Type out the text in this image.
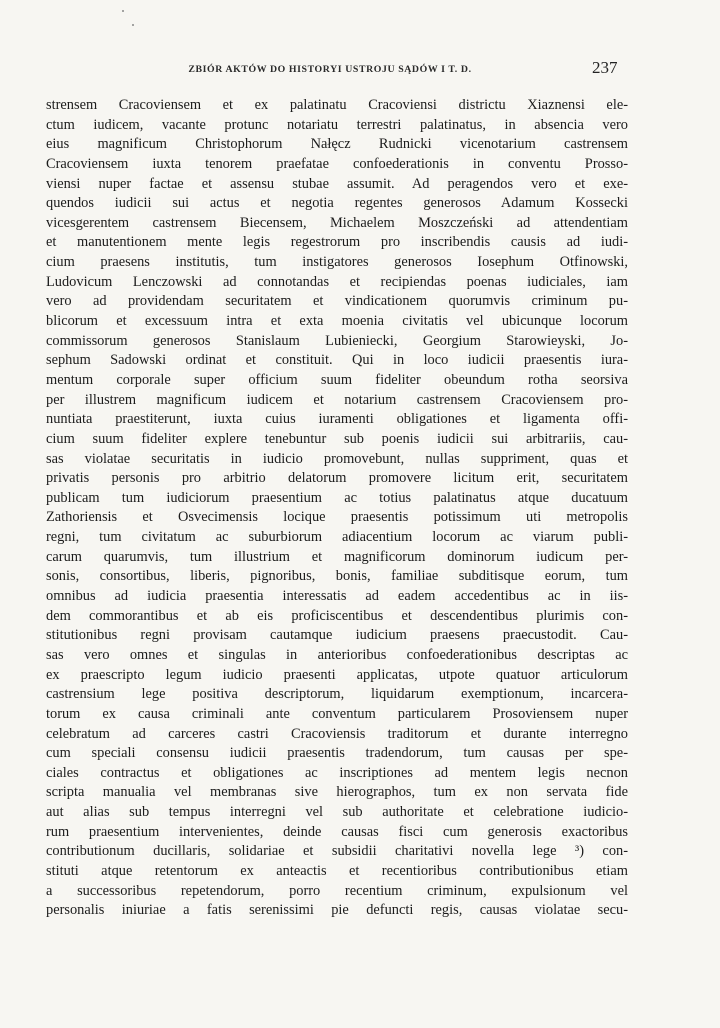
ZBIÓR AKTÓW DO HISTORYI USTROJU SĄDÓW I T. D.	237
strensem Cracoviensem et ex palatinatu Cracoviensi districtu Xiaznensi ele-
ctum iudicem, vacante protunc notariatu terrestri palatinatus, in absencia vero
eius magnificum Christophorum Nałęcz Rudnicki vicenotarium castrensem
Cracoviensem iuxta tenorem praefatae confoederationis in conventu Prosso-
viensi nuper factae et assensu stubae assumit. Ad peragendos vero et exe-
quendos iudicii sui actus et negotia regentes generosos Adamum Kossecki
vicesgerentem castrensem Biecensem, Michaelem Moszczeński ad attendentiam
et manutentionem mente legis regestrorum pro inscribendis causis ad iudi-
cium praesens institutis, tum instigatores generosos Iosephum Otfinowski,
Ludovicum Lenczowski ad connotandas et recipiendas poenas iudiciales, iam
vero ad providendam securitatem et vindicationem quorumvis criminum pu-
blicorum et excessuum intra et exta moenia civitatis vel ubicunque locorum
commissorum generosos Stanislaum Lubieniecki, Georgium Starowieyski, Jo-
sephum Sadowski ordinat et constituit. Qui in loco iudicii praesentis iura-
mentum corporale super officium suum fideliter obeundum rotha seorsiva
per illustrem magnificum iudicem et notarium castrensem Cracoviensem pro-
nuntiata praestiterunt, iuxta cuius iuramenti obligationes et ligamenta offi-
cium suum fideliter explere tenebuntur sub poenis iudicii sui arbitrariis, cau-
sas violatae securitatis in iudicio promovebunt, nullas suppriment, quas et
privatis personis pro arbitrio delatorum promovere licitum erit, securitatem
publicam tum iudiciorum praesentium ac totius palatinatus atque ducatuum
Zathoriensis et Osvecimensis locique praesentis potissimum uti metropolis
regni, tum civitatum ac suburbiorum adiacentium locorum ac viarum publi-
carum quarumvis, tum illustrium et magnificorum dominorum iudicum per-
sonis, consortibus, liberis, pignoribus, bonis, familiae subditisque eorum, tum
omnibus ad iudicia praesentia interessatis ad eadem accedentibus ac in iis-
dem commorantibus et ab eis proficiscentibus et descendentibus plurimis con-
stitutionibus regni provisam cautamque iudicium praesens praecustodit. Cau-
sas vero omnes et singulas in anterioribus confoederationibus descriptas ac
ex praescripto legum iudicio praesenti applicatas, utpote quatuor articulorum
castrensium lege positiva descriptorum, liquidarum exemptionum, incarcera-
torum ex causa criminali ante conventum particularem Prosoviensem nuper
celebratum ad carceres castri Cracoviensis traditorum et durante interregno
cum speciali consensu iudicii praesentis tradendorum, tum causas per spe-
ciales contractus et obligationes ac inscriptiones ad mentem legis necnon
scripta manualia vel membranas sive hierographos, tum ex non servata fide
aut alias sub tempus interregni vel sub authoritate et celebratione iudicio-
rum praesentium intervenientes, deinde causas fisci cum generosis exactoribus
contributionum ducillaris, solidariae et subsidii charitativi novella lege ³) con-
stituti atque retentorum ex anteactis et recentioribus contributionibus etiam
a successoribus repetendorum, porro recentium criminum, expulsionum vel
personalis iniuriae a fatis serenissimi pie defuncti regis, causas violatae secu-
